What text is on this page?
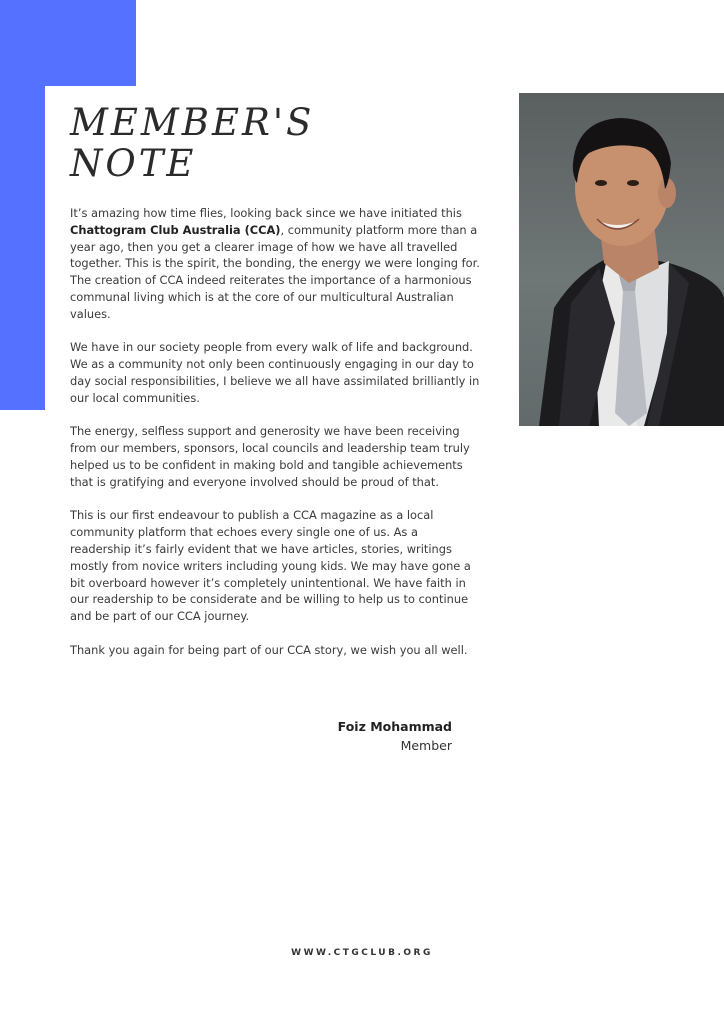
MEMBER'S
NOTE

It’s amazing how time flies, looking back since we have initiated this Chattogram Club Australia (CCA), community platform more than a year ago, then you get a clearer image of how we have all travelled together. This is the spirit, the bonding, the energy we were longing for. The creation of CCA indeed reiterates the importance of a harmonious communal living which is at the core of our multicultural Australian values.

We have in our society people from every walk of life and background. We as a community not only been continuously engaging in our day to day social responsibilities, I believe we all have assimilated brilliantly in our local communities.

The energy, selfless support and generosity we have been receiving from our members, sponsors, local councils and leadership team truly helped us to be confident in making bold and tangible achievements that is gratifying and everyone involved should be proud of that.

This is our first endeavour to publish a CCA magazine as a local community platform that echoes every single one of us. As a readership it’s fairly evident that we have articles, stories, writings mostly from novice writers including young kids. We may have gone a bit overboard however it’s completely unintentional. We have faith in our readership to be considerate and be willing to help us to continue and be part of our CCA journey.

Thank you again for being part of our CCA story, we wish you all well.

Foiz Mohammad
Member
WWW.CTGCLUB.ORG
